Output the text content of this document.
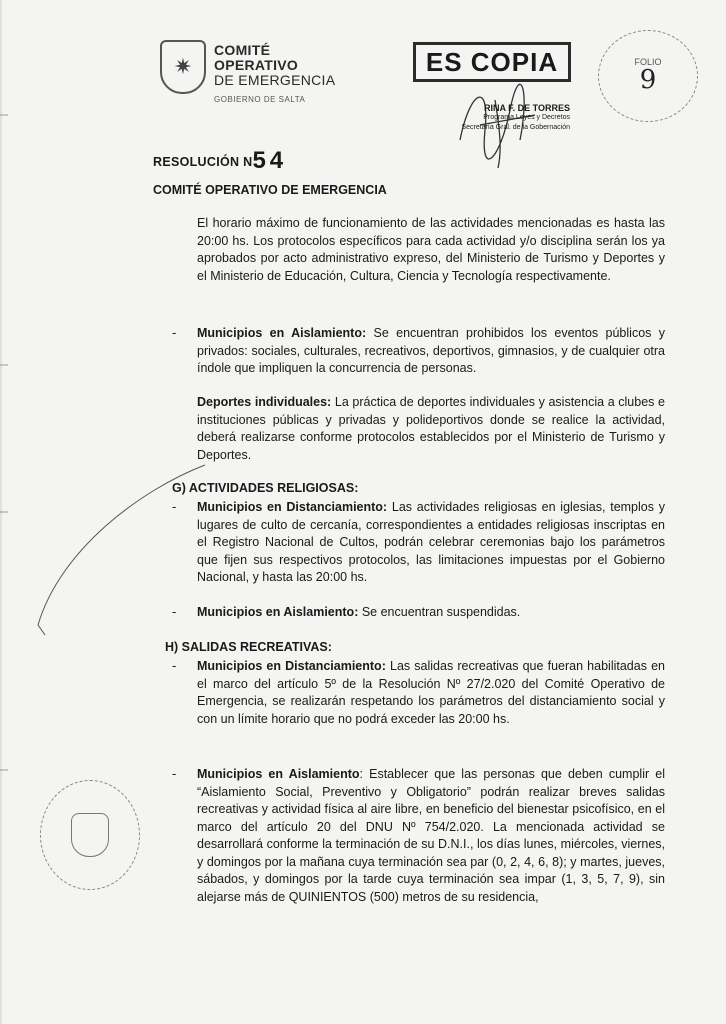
✷
COMITÉ
OPERATIVO
DE EMERGENCIA
GOBIERNO DE SALTA
ES COPIA
RINA F. DE TORRES
Programa Leyes y Decretos
Secretaría Gral. de la Gobernación
FOLIO
9
RESOLUCIÓN N54
COMITÉ OPERATIVO DE EMERGENCIA
El horario máximo de funcionamiento de las actividades mencionadas es hasta las 20:00 hs. Los protocolos específicos para cada actividad y/o disciplina serán los ya aprobados por acto administrativo expreso, del Ministerio de Turismo y Deportes y el Ministerio de Educación, Cultura, Ciencia y Tecnología respectivamente.
- Municipios en Aislamiento: Se encuentran prohibidos los eventos públicos y privados: sociales, culturales, recreativos, deportivos, gimnasios, y de cualquier otra índole que impliquen la concurrencia de personas.
Deportes individuales: La práctica de deportes individuales y asistencia a clubes e instituciones públicas y privadas y polideportivos donde se realice la actividad, deberá realizarse conforme protocolos establecidos por el Ministerio de Turismo y Deportes.
G) ACTIVIDADES RELIGIOSAS:
- Municipios en Distanciamiento: Las actividades religiosas en iglesias, templos y lugares de culto de cercanía, correspondientes a entidades religiosas inscriptas en el Registro Nacional de Cultos, podrán celebrar ceremonias bajo los parámetros que fijen sus respectivos protocolos, las limitaciones impuestas por el Gobierno Nacional, y hasta las 20:00 hs.
- Municipios en Aislamiento: Se encuentran suspendidas.
H) SALIDAS RECREATIVAS:
- Municipios en Distanciamiento: Las salidas recreativas que fueran habilitadas en el marco del artículo 5º de la Resolución Nº 27/2.020 del Comité Operativo de Emergencia, se realizarán respetando los parámetros del distanciamiento social y con un límite horario que no podrá exceder las 20:00 hs.
- Municipios en Aislamiento: Establecer que las personas que deben cumplir el “Aislamiento Social, Preventivo y Obligatorio” podrán realizar breves salidas recreativas y actividad física al aire libre, en beneficio del bienestar psicofísico, en el marco del artículo 20 del DNU Nº 754/2.020. La mencionada actividad se desarrollará conforme la terminación de su D.N.I., los días lunes, miércoles, viernes, y domingos por la mañana cuya terminación sea par (0, 2, 4, 6, 8); y martes, jueves, sábados, y domingos por la tarde cuya terminación sea impar (1, 3, 5, 7, 9), sin alejarse más de QUINIENTOS (500) metros de su residencia,
